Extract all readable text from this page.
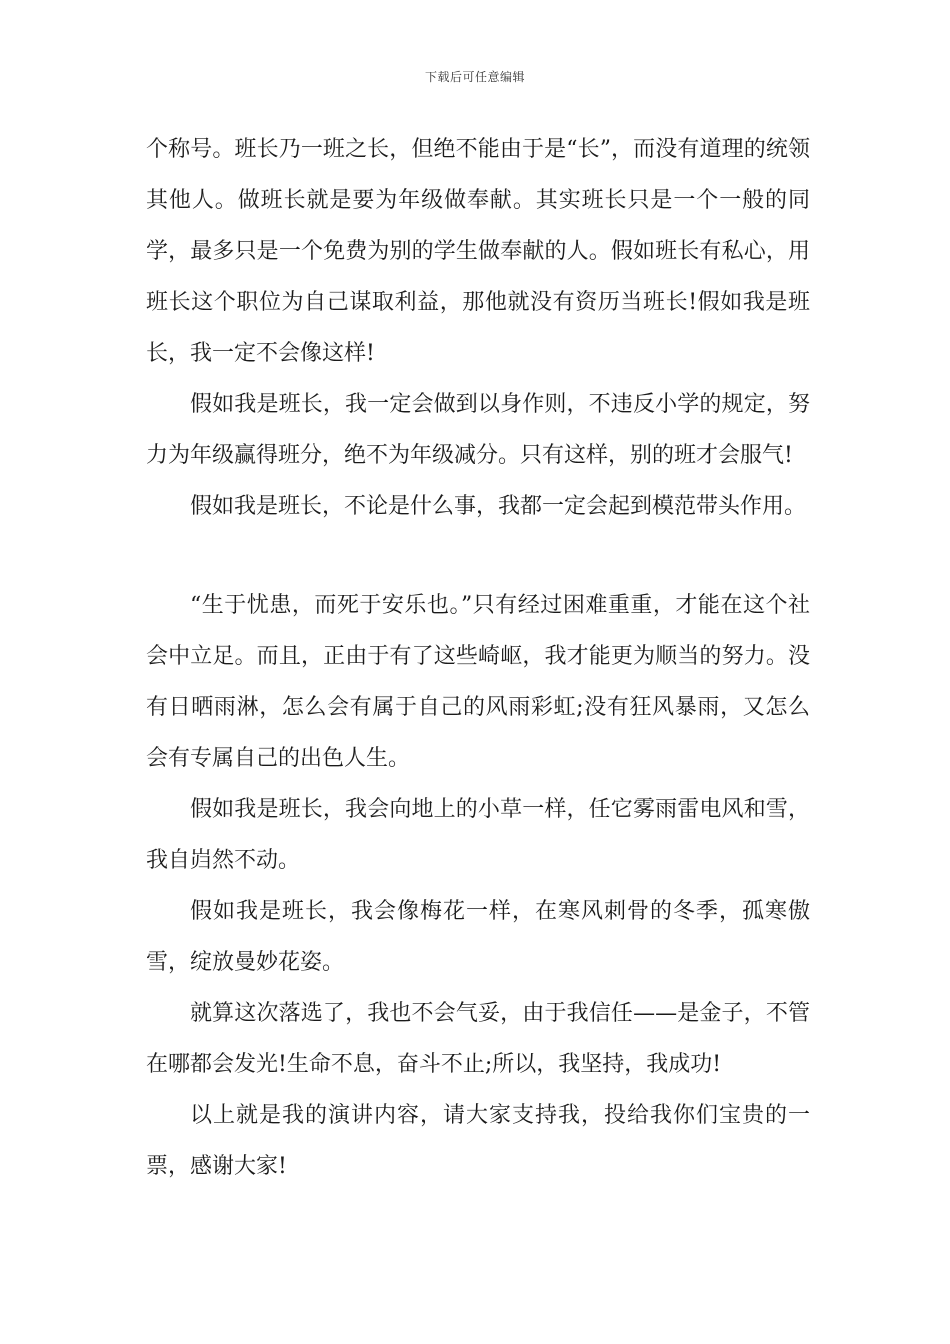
下载后可任意编辑

个称号。班长乃一班之长，但绝不能由于是“长”，而没有道理的统领其他人。做班长就是要为年级做奉献。其实班长只是一个一般的同学，最多只是一个免费为别的学生做奉献的人。假如班长有私心，用班长这个职位为自己谋取利益，那他就没有资历当班长!假如我是班长，我一定不会像这样!

假如我是班长，我一定会做到以身作则，不违反小学的规定，努力为年级赢得班分，绝不为年级减分。只有这样，别的班才会服气!

假如我是班长，不论是什么事，我都一定会起到模范带头作用。

“生于忧患，而死于安乐也。”只有经过困难重重，才能在这个社会中立足。而且，正由于有了这些崎岖，我才能更为顺当的努力。没有日晒雨淋，怎么会有属于自己的风雨彩虹;没有狂风暴雨，又怎么会有专属自己的出色人生。

假如我是班长，我会向地上的小草一样，任它雾雨雷电风和雪，我自岿然不动。

假如我是班长，我会像梅花一样，在寒风刺骨的冬季，孤寒傲雪，绽放曼妙花姿。

就算这次落选了，我也不会气妥，由于我信任——是金子，不管在哪都会发光!生命不息，奋斗不止;所以，我坚持，我成功!

以上就是我的演讲内容，请大家支持我，投给我你们宝贵的一票，感谢大家!
